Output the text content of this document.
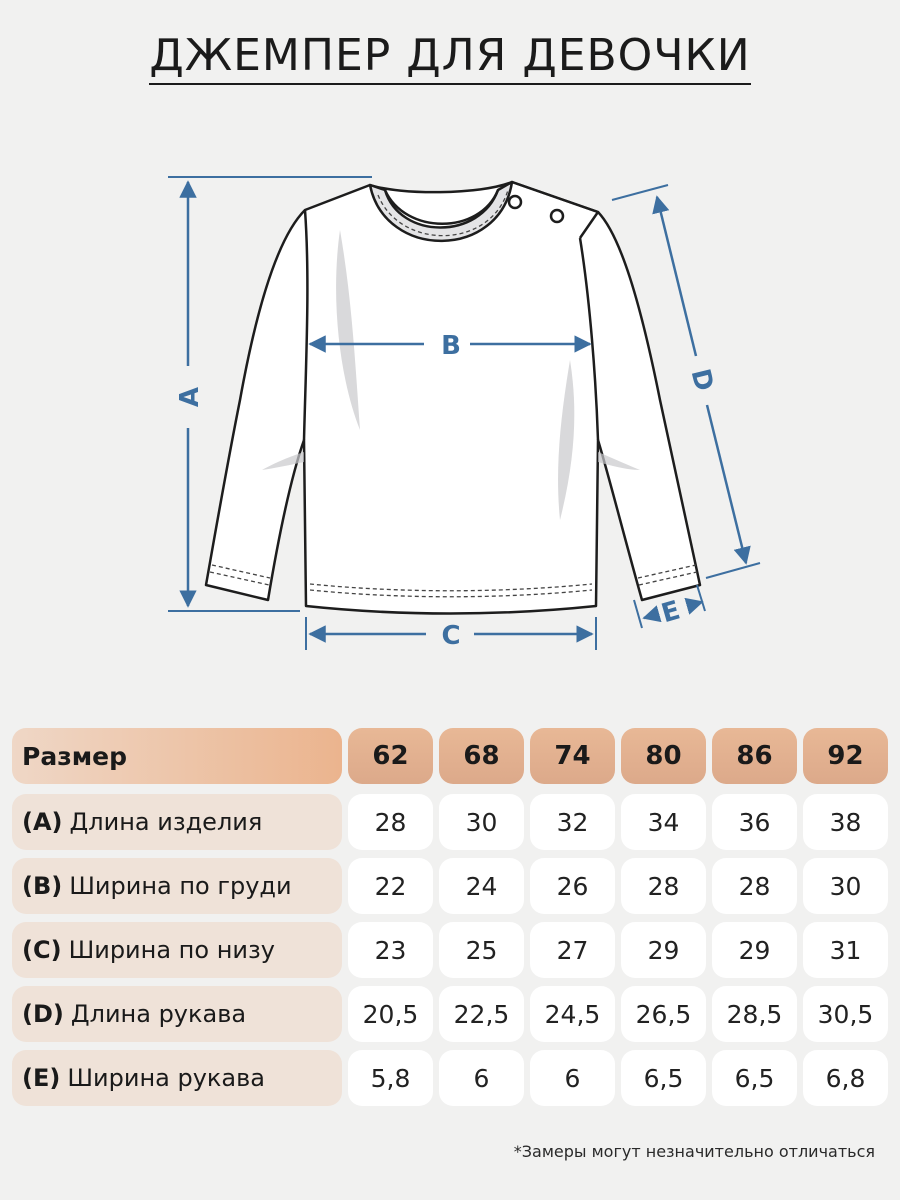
ДЖЕМПЕР ДЛЯ ДЕВОЧКИ
A
B
C
D
E
Размер	62	68	74	80	86	92
(A) Длина изделия	28	30	32	34	36	38
(B) Ширина по груди	22	24	26	28	28	30
(C) Ширина по низу	23	25	27	29	29	31
(D) Длина рукава	20,5	22,5	24,5	26,5	28,5	30,5
(E) Ширина рукава	5,8	6	6	6,5	6,5	6,8
*Замеры могут незначительно отличаться
